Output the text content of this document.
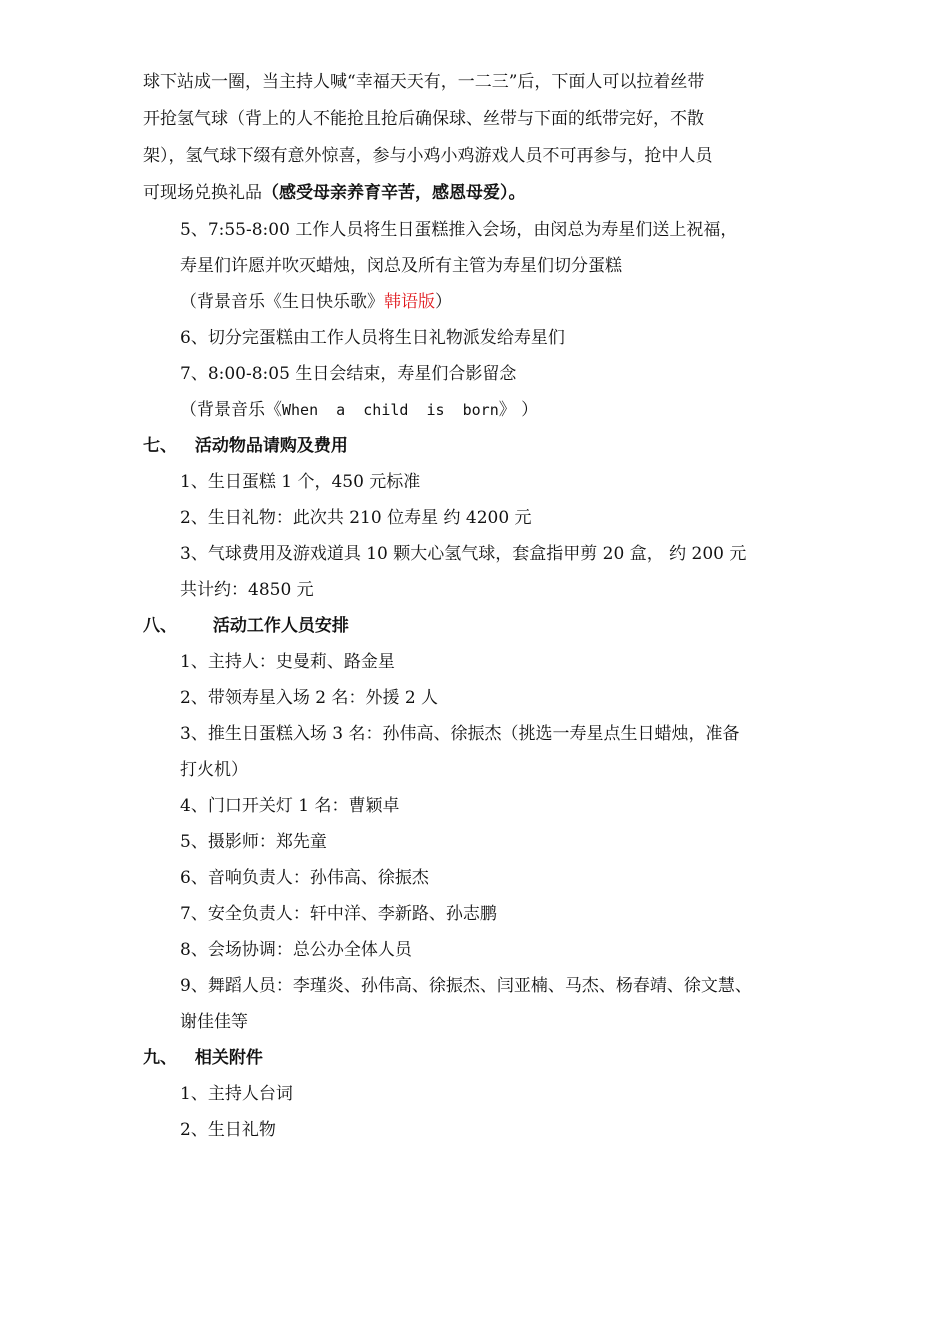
球下站成一圈，当主持人喊“幸福天天有，一二三”后，下面人可以拉着丝带
开抢氢气球（背上的人不能抢且抢后确保球、丝带与下面的纸带完好，不散
架），氢气球下缀有意外惊喜，参与小鸡小鸡游戏人员不可再参与，抢中人员
可现场兑换礼品（感受母亲养育辛苦，感恩母爱）。
5、7:55-8:00 工作人员将生日蛋糕推入会场，由闵总为寿星们送上祝福，
寿星们许愿并吹灭蜡烛，闵总及所有主管为寿星们切分蛋糕
（背景音乐《生日快乐歌》韩语版）
6、切分完蛋糕由工作人员将生日礼物派发给寿星们
7、8:00-8:05 生日会结束，寿星们合影留念
（背景音乐《When  a  child  is  born》 ）
七、 活动物品请购及费用
1、生日蛋糕 1 个，450 元标准
2、生日礼物：此次共 210 位寿星 约 4200 元
3、气球费用及游戏道具 10 颗大心氢气球，套盒指甲剪 20 盒， 约 200 元
共计约：4850 元
八、 活动工作人员安排
1、主持人：史曼莉、路金星
2、带领寿星入场 2 名：外援 2 人
3、推生日蛋糕入场 3 名：孙伟高、徐振杰（挑选一寿星点生日蜡烛，准备
打火机）
4、门口开关灯 1 名：曹颖卓
5、摄影师：郑先童
6、音响负责人：孙伟高、徐振杰
7、安全负责人：轩中洋、李新路、孙志鹏
8、会场协调：总公办全体人员
9、舞蹈人员：李瑾炎、孙伟高、徐振杰、闫亚楠、马杰、杨春靖、徐文慧、
谢佳佳等
九、 相关附件
1、主持人台词
2、生日礼物
